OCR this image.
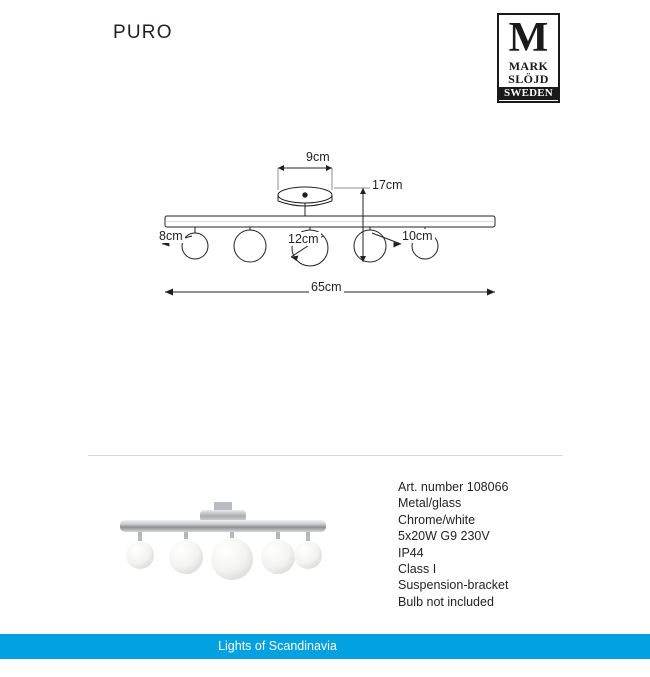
PURO	M
MARK
SLÖJD
SWEDEN
9cm
17cm
8cm	12cm	10cm
65cm
Art. number 108066
Metal/glass
Chrome/white
5x20W G9 230V
IP44
Class I
Suspension-bracket
Bulb not included
Lights of Scandinavia
